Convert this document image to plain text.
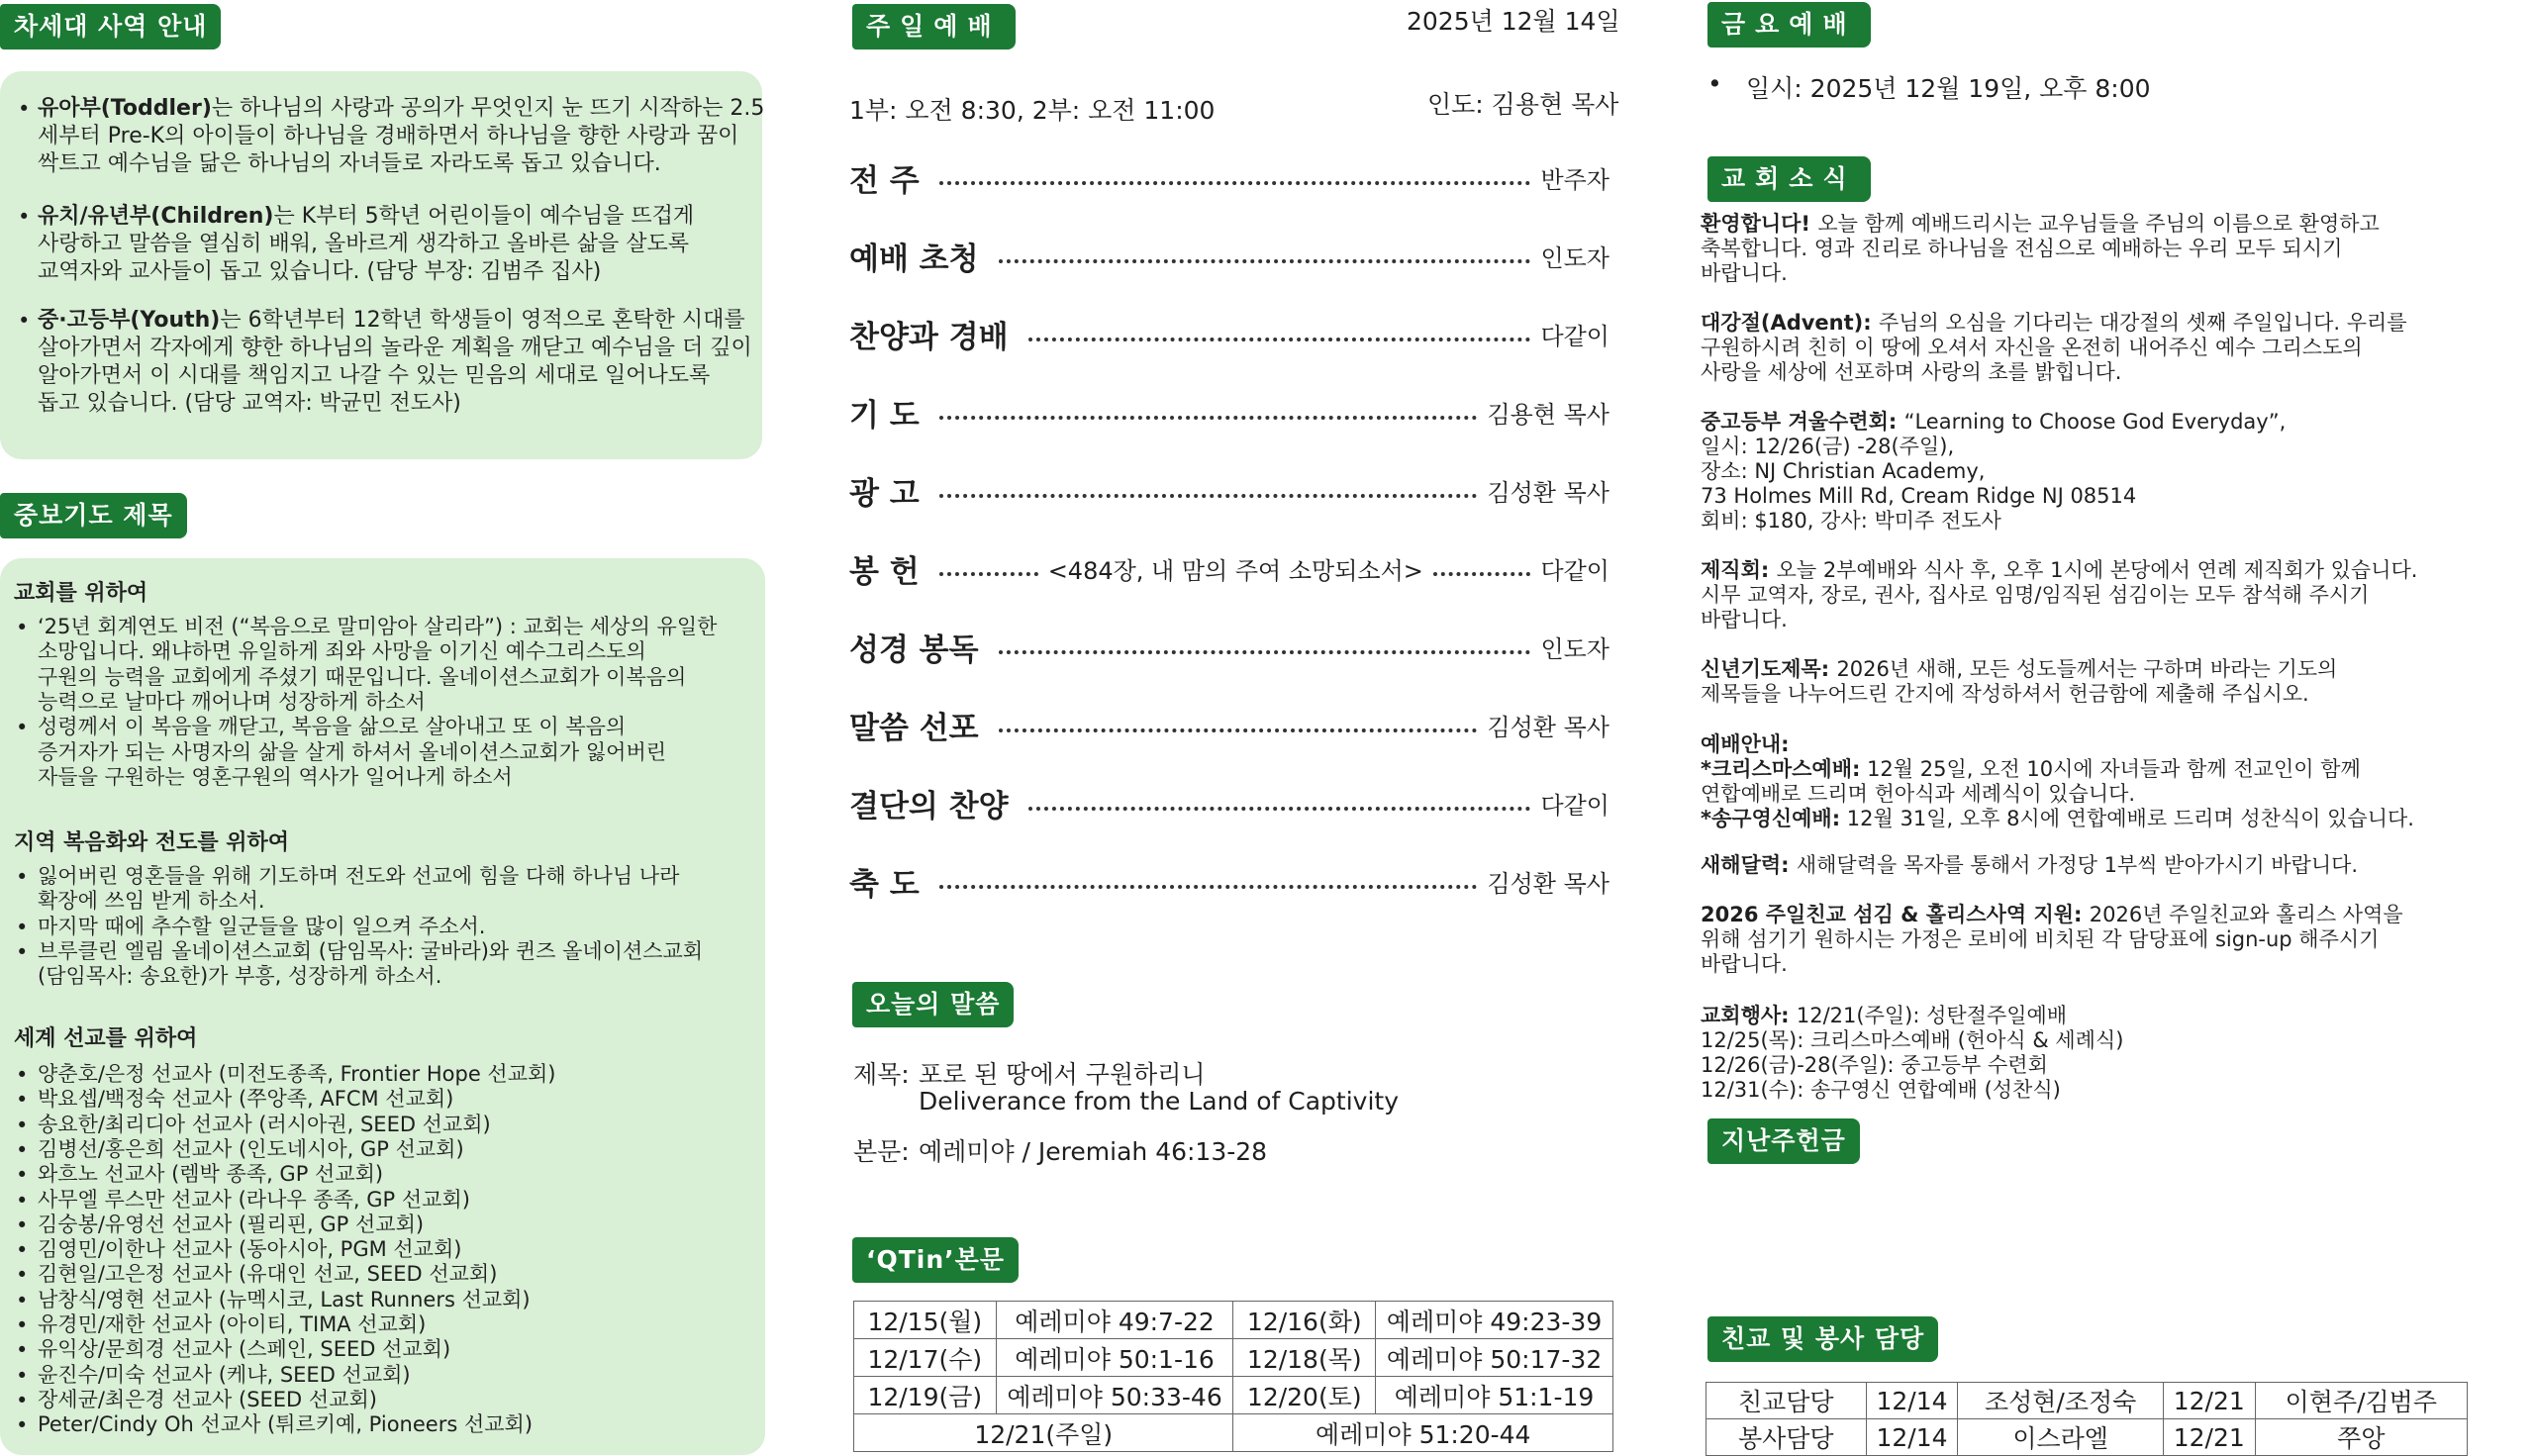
차세대 사역 안내
• 유아부(Toddler)는 하나님의 사랑과 공의가 무엇인지 눈 뜨기 시작하는 2.5
세부터 Pre-K의 아이들이 하나님을 경배하면서 하나님을 향한 사랑과 꿈이
싹트고 예수님을 닮은 하나님의 자녀들로 자라도록 돕고 있습니다.
• 유치/유년부(Children)는 K부터 5학년 어린이들이 예수님을 뜨겁게
사랑하고 말씀을 열심히 배워, 올바르게 생각하고 올바른 삶을 살도록
교역자와 교사들이 돕고 있습니다. (담당 부장: 김범주 집사)
• 중·고등부(Youth)는 6학년부터 12학년 학생들이 영적으로 혼탁한 시대를
살아가면서 각자에게 향한 하나님의 놀라운 계획을 깨닫고 예수님을 더 깊이
알아가면서 이 시대를 책임지고 나갈 수 있는 믿음의 세대로 일어나도록
돕고 있습니다. (담당 교역자: 박균민 전도사)
중보기도 제목
교회를 위하여
• ‘25년 회계연도 비전 (“복음으로 말미암아 살리라”) : 교회는 세상의 유일한
소망입니다. 왜냐하면 유일하게 죄와 사망을 이기신 예수그리스도의
구원의 능력을 교회에게 주셨기 때문입니다. 올네이션스교회가 이복음의
능력으로 날마다 깨어나며 성장하게 하소서
• 성령께서 이 복음을 깨닫고, 복음을 삶으로 살아내고 또 이 복음의
증거자가 되는 사명자의 삶을 살게 하셔서 올네이션스교회가 잃어버린
자들을 구원하는 영혼구원의 역사가 일어나게 하소서
지역 복음화와 전도를 위하여
• 잃어버린 영혼들을 위해 기도하며 전도와 선교에 힘을 다해 하나님 나라
확장에 쓰임 받게 하소서.
• 마지막 때에 추수할 일군들을 많이 일으켜 주소서.
• 브루클린 엘림 올네이션스교회 (담임목사: 굴바라)와 퀸즈 올네이션스교회
(담임목사: 송요한)가 부흥, 성장하게 하소서.
세계 선교를 위하여
• 양춘호/은정 선교사 (미전도종족, Frontier Hope 선교회)
• 박요셉/백정숙 선교사 (쭈앙족, AFCM 선교회)
• 송요한/최리디아 선교사 (러시아권, SEED 선교회)
• 김병선/홍은희 선교사 (인도네시아, GP 선교회)
• 와흐노 선교사 (렘박 종족, GP 선교회)
• 사무엘 루스만 선교사 (라나우 종족, GP 선교회)
• 김숭봉/유영선 선교사 (필리핀, GP 선교회)
• 김영민/이한나 선교사 (동아시아, PGM 선교회)
• 김현일/고은정 선교사 (유대인 선교, SEED 선교회)
• 남창식/영현 선교사 (뉴멕시코, Last Runners 선교회)
• 유경민/재한 선교사 (아이티, TIMA 선교회)
• 유익상/문희경 선교사 (스페인, SEED 선교회)
• 윤진수/미숙 선교사 (케냐, SEED 선교회)
• 장세균/최은경 선교사 (SEED 선교회)
• Peter/Cindy Oh 선교사 (튀르키예, Pioneers 선교회)
주일예배	2025년 12월 14일
1부: 오전 8:30, 2부: 오전 11:00	인도: 김용현 목사
전 주	반주자
예배 초청	인도자
찬양과 경배	다같이
기 도	김용현 목사
광 고	김성환 목사
봉 헌	<484장, 내 맘의 주여 소망되소서>	다같이
성경 봉독	인도자
말씀 선포	김성환 목사
결단의 찬양	다같이
축 도	김성환 목사
오늘의 말씀
제목: 포로 된 땅에서 구원하리니
Deliverance from the Land of Captivity
본문: 예레미야 / Jeremiah 46:13-28
‘QTin’본문
12/15(월)	예레미야 49:7-22	12/16(화)	예레미야 49:23-39
12/17(수)	예레미야 50:1-16	12/18(목)	예레미야 50:17-32
12/19(금)	예레미야 50:33-46	12/20(토)	예레미야 51:1-19
12/21(주일)		예레미야 51:20-44	
금요예배
• 일시: 2025년 12월 19일, 오후 8:00
교회소식
환영합니다! 오늘 함께 예배드리시는 교우님들을 주님의 이름으로 환영하고
축복합니다. 영과 진리로 하나님을 전심으로 예배하는 우리 모두 되시기
바랍니다.
대강절(Advent): 주님의 오심을 기다리는 대강절의 셋째 주일입니다. 우리를
구원하시려 친히 이 땅에 오셔서 자신을 온전히 내어주신 예수 그리스도의
사랑을 세상에 선포하며 사랑의 초를 밝힙니다.
중고등부 겨울수련회: “Learning to Choose God Everyday”,
일시: 12/26(금) -28(주일),
장소: NJ Christian Academy,
73 Holmes Mill Rd, Cream Ridge NJ 08514
회비: $180, 강사: 박미주 전도사
제직회: 오늘 2부예배와 식사 후, 오후 1시에 본당에서 연례 제직회가 있습니다.
시무 교역자, 장로, 권사, 집사로 임명/임직된 섬김이는 모두 참석해 주시기
바랍니다.
신년기도제목: 2026년 새해, 모든 성도들께서는 구하며 바라는 기도의
제목들을 나누어드린 간지에 작성하셔서 헌금함에 제출해 주십시오.
예배안내:
*크리스마스예배: 12월 25일, 오전 10시에 자녀들과 함께 전교인이 함께
연합예배로 드리며 헌아식과 세례식이 있습니다.
*송구영신예배: 12월 31일, 오후 8시에 연합예배로 드리며 성찬식이 있습니다.
새해달력: 새해달력을 목자를 통해서 가정당 1부씩 받아가시기 바랍니다.
2026 주일친교 섬김 & 홀리스사역 지원: 2026년 주일친교와 홀리스 사역을
위해 섬기기 원하시는 가정은 로비에 비치된 각 담당표에 sign-up 해주시기
바랍니다.
교회행사: 12/21(주일): 성탄절주일예배
12/25(목): 크리스마스예배 (헌아식 & 세례식)
12/26(금)-28(주일): 중고등부 수련회
12/31(수): 송구영신 연합예배 (성찬식)
지난주헌금
친교 및 봉사 담당
친교담당	12/14	조성현/조정숙	12/21	이현주/김범주
봉사담당	12/14	이스라엘	12/21	쭈앙
